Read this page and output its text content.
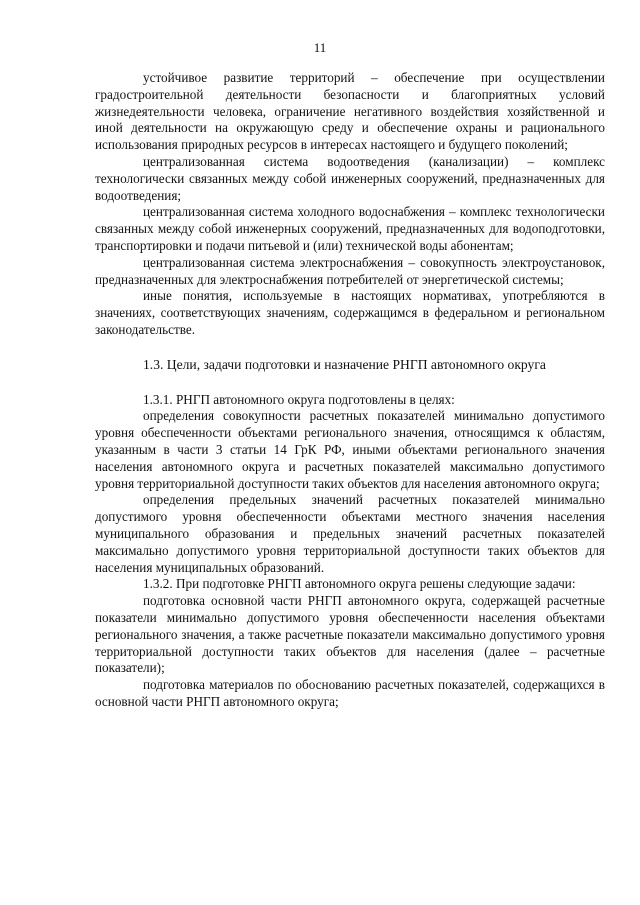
11

устойчивое развитие территорий – обеспечение при осуществлении градостроительной деятельности безопасности и благоприятных условий жизнедеятельности человека, ограничение негативного воздействия хозяйственной и иной деятельности на окружающую среду и обеспечение охраны и рационального использования природных ресурсов в интересах настоящего и будущего поколений;

централизованная система водоотведения (канализации) – комплекс технологически связанных между собой инженерных сооружений, предназначенных для водоотведения;

централизованная система холодного водоснабжения – комплекс технологически связанных между собой инженерных сооружений, предназначенных для водоподготовки, транспортировки и подачи питьевой и (или) технической воды абонентам;

централизованная система электроснабжения – совокупность электроустановок, предназначенных для электроснабжения потребителей от энергетической системы;

иные понятия, используемые в настоящих нормативах, употребляются в значениях, соответствующих значениям, содержащимся в федеральном и региональном законодательстве.

1.3. Цели, задачи подготовки и назначение РНГП автономного округа

1.3.1. РНГП автономного округа подготовлены в целях:

определения совокупности расчетных показателей минимально допустимого уровня обеспеченности объектами регионального значения, относящимся к областям, указанным в части 3 статьи 14 ГрК РФ, иными объектами регионального значения населения автономного округа и расчетных показателей максимально допустимого уровня территориальной доступности таких объектов для населения автономного округа;

определения предельных значений расчетных показателей минимально допустимого уровня обеспеченности объектами местного значения населения муниципального образования и предельных значений расчетных показателей максимально допустимого уровня территориальной доступности таких объектов для населения муниципальных образований.

1.3.2. При подготовке РНГП автономного округа решены следующие задачи:

подготовка основной части РНГП автономного округа, содержащей расчетные показатели минимально допустимого уровня обеспеченности населения объектами регионального значения, а также расчетные показатели максимально допустимого уровня территориальной доступности таких объектов для населения (далее – расчетные показатели);

подготовка материалов по обоснованию расчетных показателей, содержащихся в основной части РНГП автономного округа;
